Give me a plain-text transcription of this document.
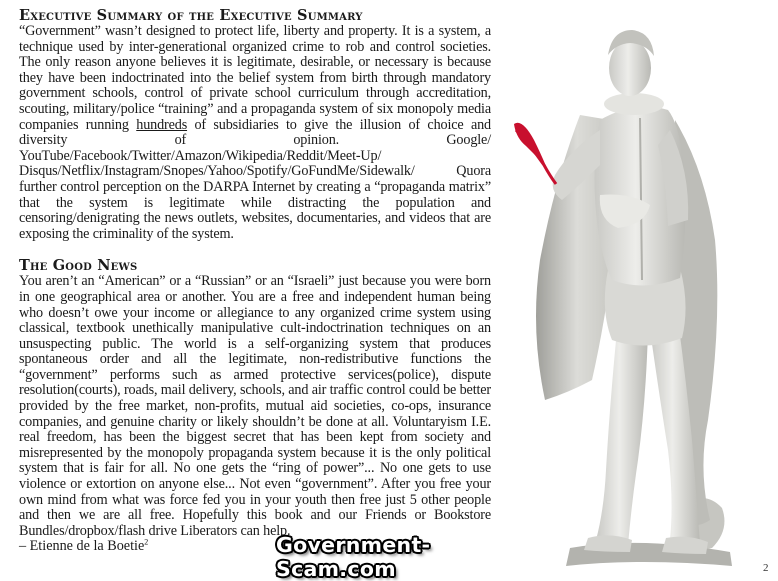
Executive Summary of the Executive Summary

“Government” wasn’t designed to protect life, liberty and property. It is a system, a technique used by inter-generational organized crime to rob and control societies. The only reason anyone believes it is legitimate, desirable, or necessary is because they have been indoctrinated into the belief system from birth through mandatory government schools, control of private school curriculum through accreditation, scouting, military/police “training” and a propaganda system of six monopoly media companies running hundreds of subsidiaries to give the illusion of choice and diversity of opinion. Google/ YouTube/Facebook/Twitter/Amazon/Wikipedia/Reddit/Meet-Up/ Disqus/Netflix/Instagram/Snopes/Yahoo/Spotify/GoFundMe/Sidewalk/ Quora further control perception on the DARPA Internet by creating a “propaganda matrix” that the system is legitimate while distracting the population and censoring/denigrating the news outlets, websites, documentaries, and videos that are exposing the criminality of the system.

The Good News

You aren’t an “American” or a “Russian” or an “Israeli” just because you were born in one geographical area or another. You are a free and independent human being who doesn’t owe your income or allegiance to any organized crime system using classical, textbook unethically manipulative cult-indoctrination techniques on an unsuspecting public. The world is a self-organizing system that produces spontaneous order and all the legitimate, non-redistributive functions the “government” performs such as armed protective services(police), dispute resolution(courts), roads, mail delivery, schools, and air traffic control could be better provided by the free market, non-profits, mutual aid societies, co-ops, insurance companies, and genuine charity or likely shouldn’t be done at all. Voluntaryism I.E. real freedom, has been the biggest secret that has been kept from society and misrepresented by the monopoly propaganda system because it is the only political system that is fair for all. No one gets the “ring of power”... No one gets to use violence or extortion on anyone else... Not even “government”. After you free your own mind from what was force fed you in your youth then free just 5 other people and then we are all free. Hopefully this book and our Friends or Bookstore Bundles/dropbox/flash drive Liberators can help.

– Etienne de la Boetie$^2$	Government-Scam.com	2
